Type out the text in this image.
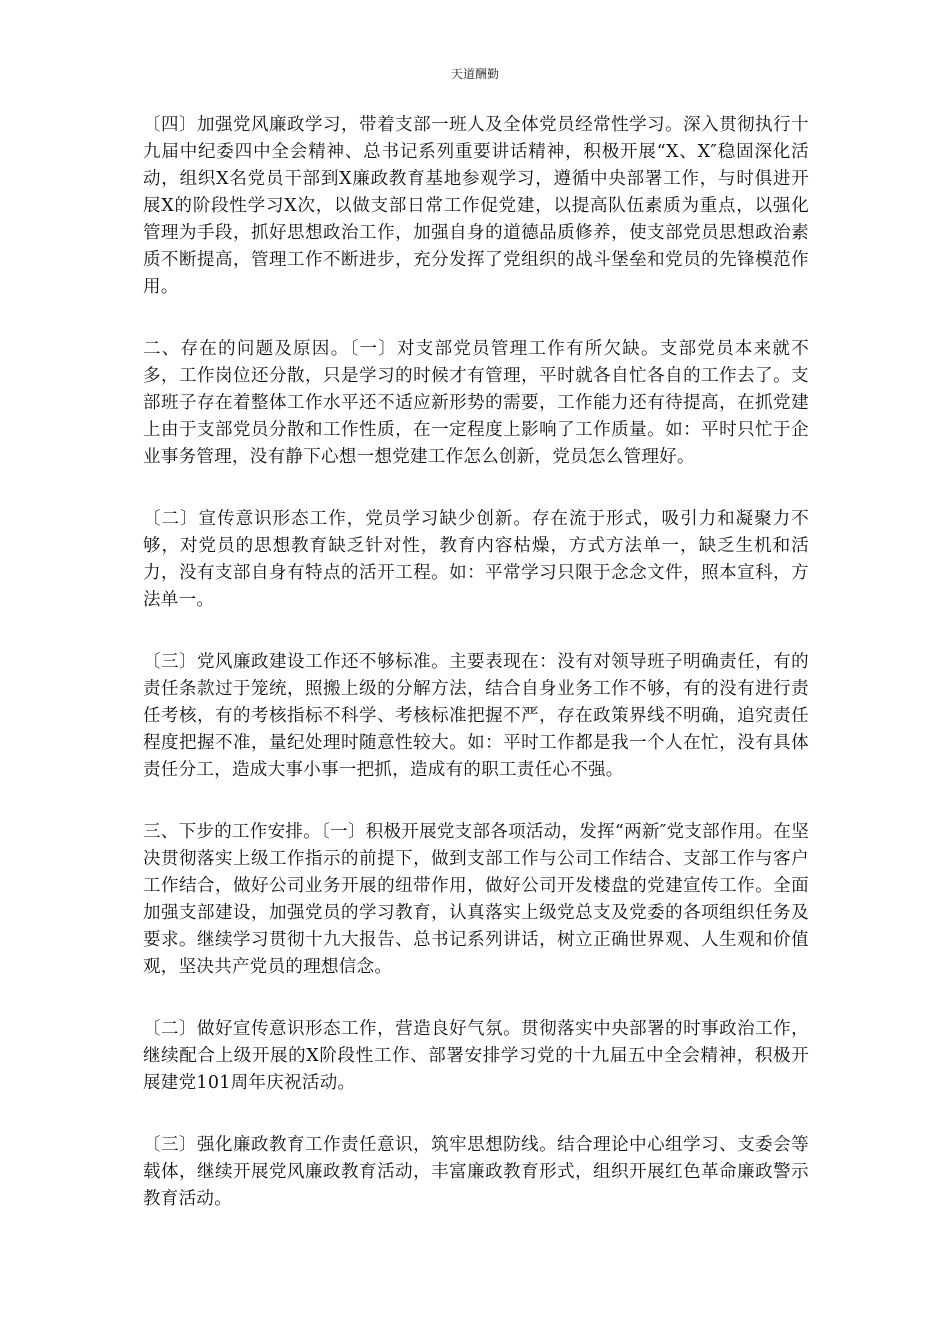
天道酬勤

〔四〕加强党风廉政学习，带着支部一班人及全体党员经常性学习。深入贯彻执行十九届中纪委四中全会精神、总书记系列重要讲话精神，积极开展“X、X″稳固深化活动，组织X名党员干部到X廉政教育基地参观学习，遵循中央部署工作，与时俱进开展X的阶段性学习X次，以做支部日常工作促党建，以提高队伍素质为重点，以强化管理为手段，抓好思想政治工作，加强自身的道德品质修养，使支部党员思想政治素质不断提高，管理工作不断进步，充分发挥了党组织的战斗堡垒和党员的先锋模范作用。

二、存在的问题及原因。〔一〕对支部党员管理工作有所欠缺。支部党员本来就不多，工作岗位还分散，只是学习的时候才有管理，平时就各自忙各自的工作去了。支部班子存在着整体工作水平还不适应新形势的需要，工作能力还有待提高，在抓党建上由于支部党员分散和工作性质，在一定程度上影响了工作质量。如：平时只忙于企业事务管理，没有静下心想一想党建工作怎么创新，党员怎么管理好。

〔二〕宣传意识形态工作，党员学习缺少创新。存在流于形式，吸引力和凝聚力不够，对党员的思想教育缺乏针对性，教育内容枯燥，方式方法单一，缺乏生机和活力，没有支部自身有特点的活开工程。如：平常学习只限于念念文件，照本宣科，方法单一。

〔三〕党风廉政建设工作还不够标准。主要表现在：没有对领导班子明确责任，有的责任条款过于笼统，照搬上级的分解方法，结合自身业务工作不够，有的没有进行责任考核，有的考核指标不科学、考核标准把握不严，存在政策界线不明确，追究责任程度把握不准，量纪处理时随意性较大。如：平时工作都是我一个人在忙，没有具体责任分工，造成大事小事一把抓，造成有的职工责任心不强。

三、下步的工作安排。〔一〕积极开展党支部各项活动，发挥“两新″党支部作用。在坚决贯彻落实上级工作指示的前提下，做到支部工作与公司工作结合、支部工作与客户工作结合，做好公司业务开展的纽带作用，做好公司开发楼盘的党建宣传工作。全面加强支部建设，加强党员的学习教育，认真落实上级党总支及党委的各项组织任务及要求。继续学习贯彻十九大报告、总书记系列讲话，树立正确世界观、人生观和价值观，坚决共产党员的理想信念。

〔二〕做好宣传意识形态工作，营造良好气氛。贯彻落实中央部署的时事政治工作，继续配合上级开展的X阶段性工作、部署安排学习党的十九届五中全会精神，积极开展建党101周年庆祝活动。

〔三〕强化廉政教育工作责任意识，筑牢思想防线。结合理论中心组学习、支委会等载体，继续开展党风廉政教育活动，丰富廉政教育形式，组织开展红色革命廉政警示教育活动。
